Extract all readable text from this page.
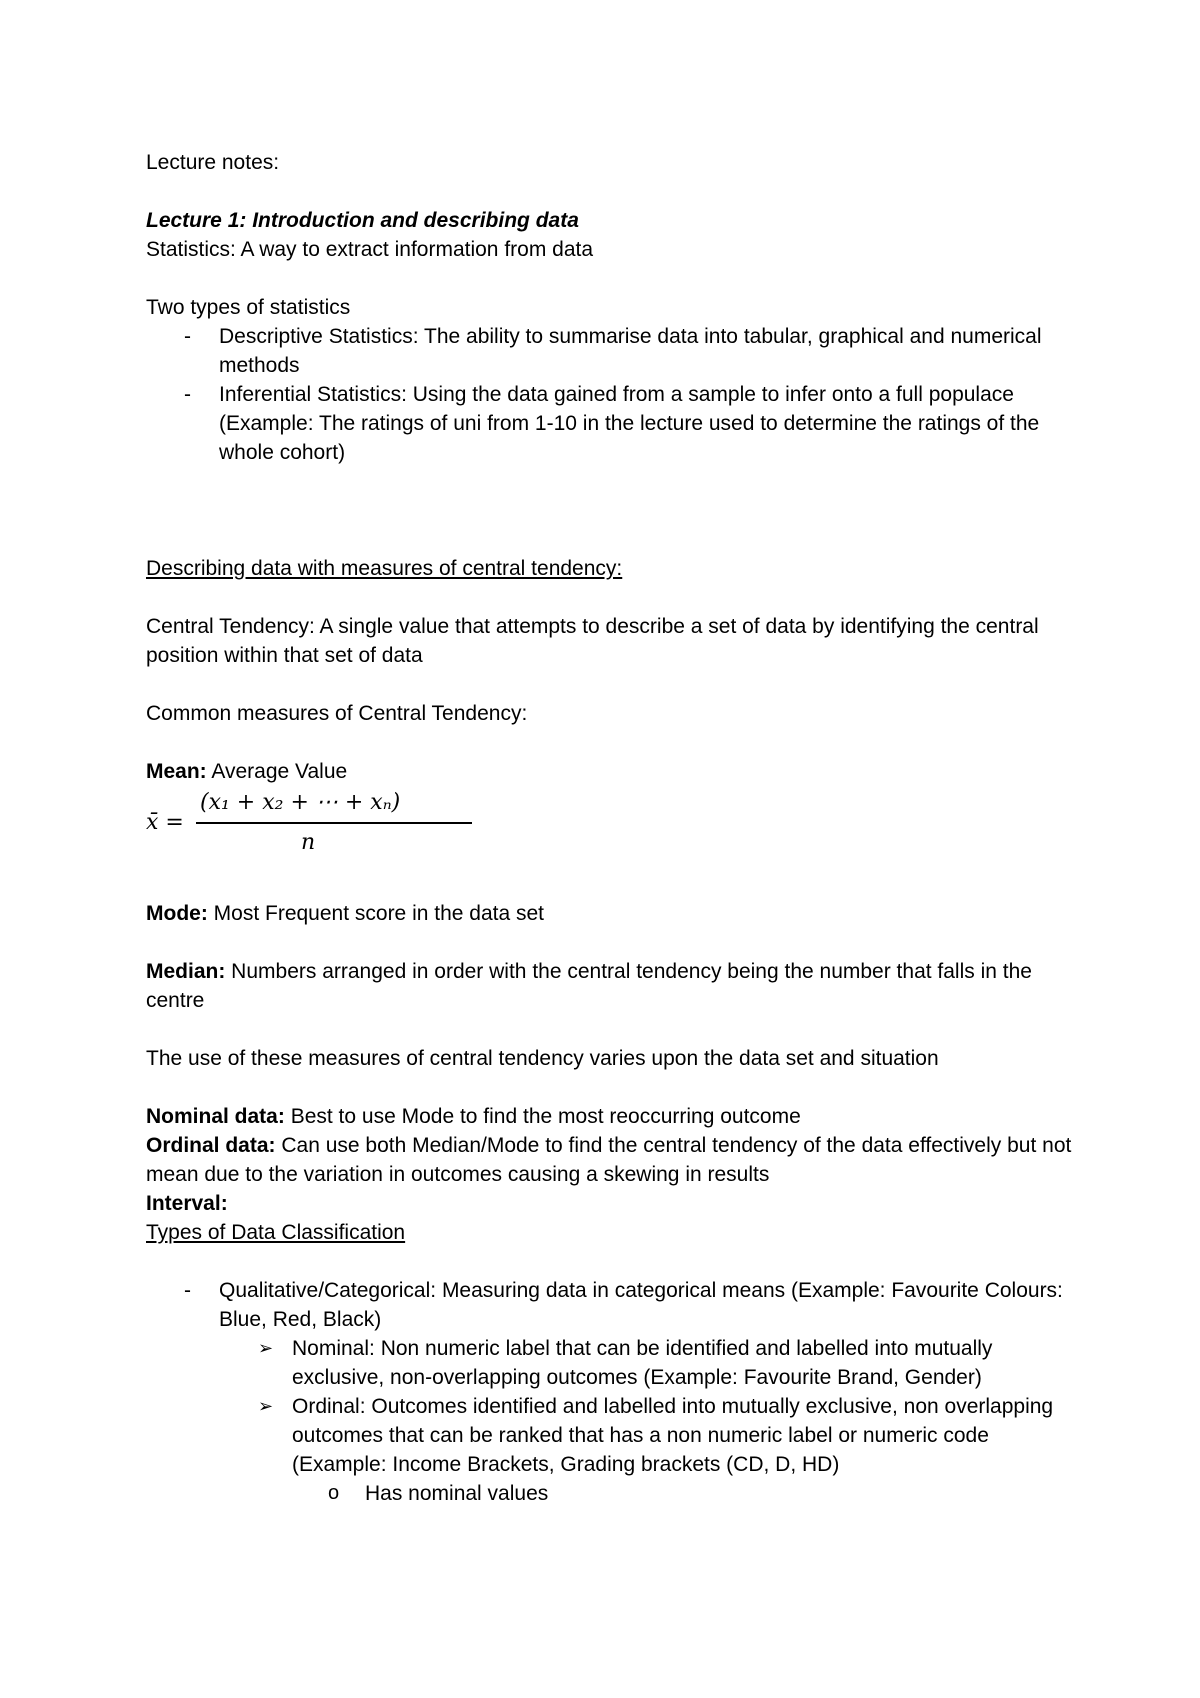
Lecture notes:

Lecture 1: Introduction and describing data

Statistics: A way to extract information from data

Two types of statistics

- Descriptive Statistics: The ability to summarise data into tabular, graphical and numerical methods
- Inferential Statistics: Using the data gained from a sample to infer onto a full populace (Example: The ratings of uni from 1-10 in the lecture used to determine the ratings of the whole cohort)

Describing data with measures of central tendency:

Central Tendency: A single value that attempts to describe a set of data by identifying the central position within that set of data

Common measures of Central Tendency:

Mean: Average Value

x̄ =
(x₁ + x₂ + ⋯ + xₙ)
n

Mode: Most Frequent score in the data set

Median: Numbers arranged in order with the central tendency being the number that falls in the centre

The use of these measures of central tendency varies upon the data set and situation

Nominal data: Best to use Mode to find the most reoccurring outcome

Ordinal data: Can use both Median/Mode to find the central tendency of the data effectively but not mean due to the variation in outcomes causing a skewing in results

Interval:

Types of Data Classification

- Qualitative/Categorical: Measuring data in categorical means (Example: Favourite Colours: Blue, Red, Black)
➢ Nominal: Non numeric label that can be identified and labelled into mutually exclusive, non-overlapping outcomes (Example: Favourite Brand, Gender)
➢ Ordinal: Outcomes identified and labelled into mutually exclusive, non overlapping outcomes that can be ranked that has a non numeric label or numeric code (Example: Income Brackets, Grading brackets (CD, D, HD)
o Has nominal values
